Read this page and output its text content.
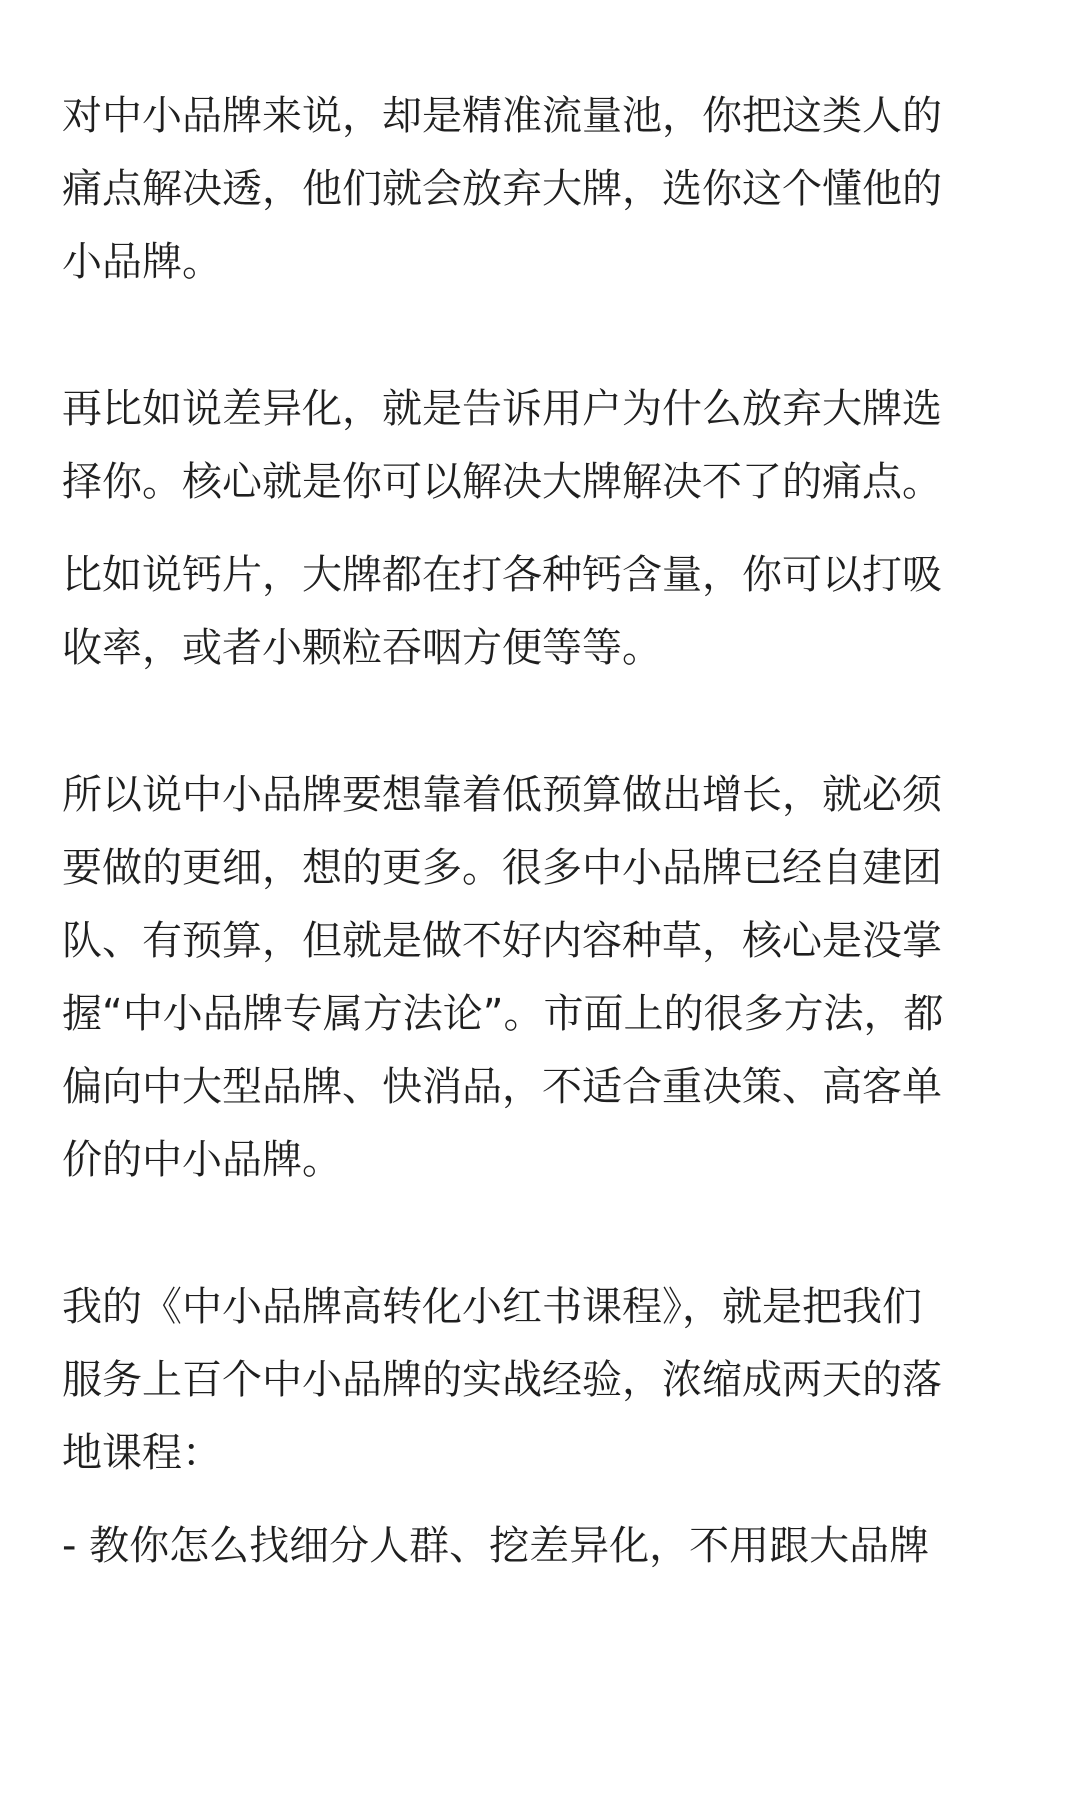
对中小品牌来说，却是精准流量池，你把这类人的
痛点解决透，他们就会放弃大牌，选你这个懂他的
小品牌。

再比如说差异化，就是告诉用户为什么放弃大牌选
择你。核心就是你可以解决大牌解决不了的痛点。

比如说钙片，大牌都在打各种钙含量，你可以打吸
收率，或者小颗粒吞咽方便等等。

所以说中小品牌要想靠着低预算做出增长，就必须
要做的更细，想的更多。很多中小品牌已经自建团
队、有预算，但就是做不好内容种草，核心是没掌
握“中小品牌专属方法论”。市面上的很多方法，都
偏向中大型品牌、快消品，不适合重决策、高客单
价的中小品牌。

我的《中小品牌高转化小红书课程》，就是把我们
服务上百个中小品牌的实战经验，浓缩成两天的落
地课程：

- 教你怎么找细分人群、挖差异化，不用跟大品牌
